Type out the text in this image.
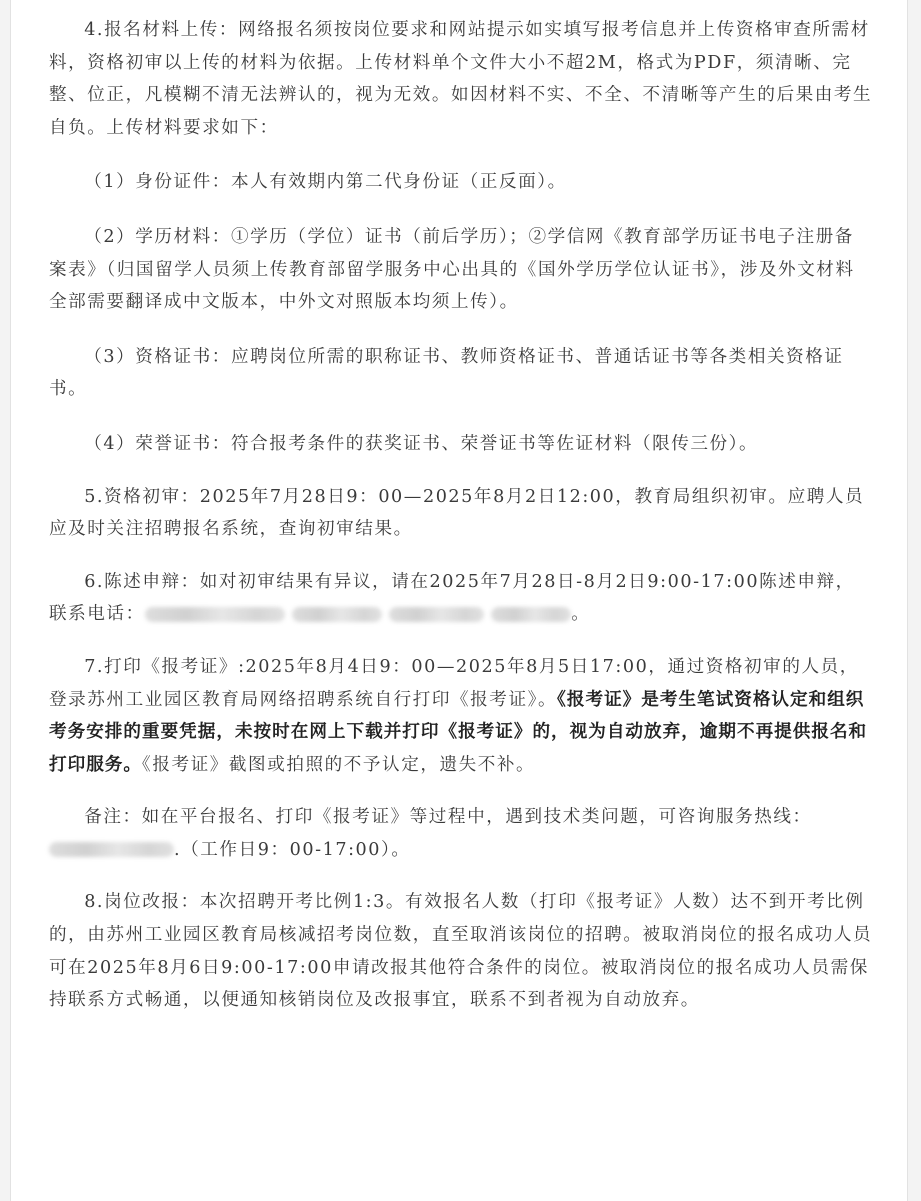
4.报名材料上传：网络报名须按岗位要求和网站提示如实填写报考信息并上传资格审查所需材料，资格初审以上传的材料为依据。上传材料单个文件大小不超2M，格式为PDF，须清晰、完整、位正，凡模糊不清无法辨认的，视为无效。如因材料不实、不全、不清晰等产生的后果由考生自负。上传材料要求如下：

（1）身份证件：本人有效期内第二代身份证（正反面）。

（2）学历材料：①学历（学位）证书（前后学历）；②学信网《教育部学历证书电子注册备案表》（归国留学人员须上传教育部留学服务中心出具的《国外学历学位认证书》，涉及外文材料全部需要翻译成中文版本，中外文对照版本均须上传）。

（3）资格证书：应聘岗位所需的职称证书、教师资格证书、普通话证书等各类相关资格证书。

（4）荣誉证书：符合报考条件的获奖证书、荣誉证书等佐证材料（限传三份）。

5.资格初审：2025年7月28日9：00—2025年8月2日12:00，教育局组织初审。应聘人员应及时关注招聘报名系统，查询初审结果。

6.陈述申辩：如对初审结果有异议，请在2025年7月28日-8月2日9:00-17:00陈述申辩，联系电话：	。

7.打印《报考证》:2025年8月4日9：00—2025年8月5日17:00，通过资格初审的人员，登录苏州工业园区教育局网络招聘系统自行打印《报考证》。《报考证》是考生笔试资格认定和组织考务安排的重要凭据，未按时在网上下载并打印《报考证》的，视为自动放弃，逾期不再提供报名和打印服务。《报考证》截图或拍照的不予认定，遗失不补。

备注：如在平台报名、打印《报考证》等过程中，遇到技术类问题，可咨询服务热线：.（工作日9：00-17:00）。

8.岗位改报：本次招聘开考比例1:3。有效报名人数（打印《报考证》人数）达不到开考比例的，由苏州工业园区教育局核减招考岗位数，直至取消该岗位的招聘。被取消岗位的报名成功人员可在2025年8月6日9:00-17:00申请改报其他符合条件的岗位。被取消岗位的报名成功人员需保持联系方式畅通，以便通知核销岗位及改报事宜，联系不到者视为自动放弃。
